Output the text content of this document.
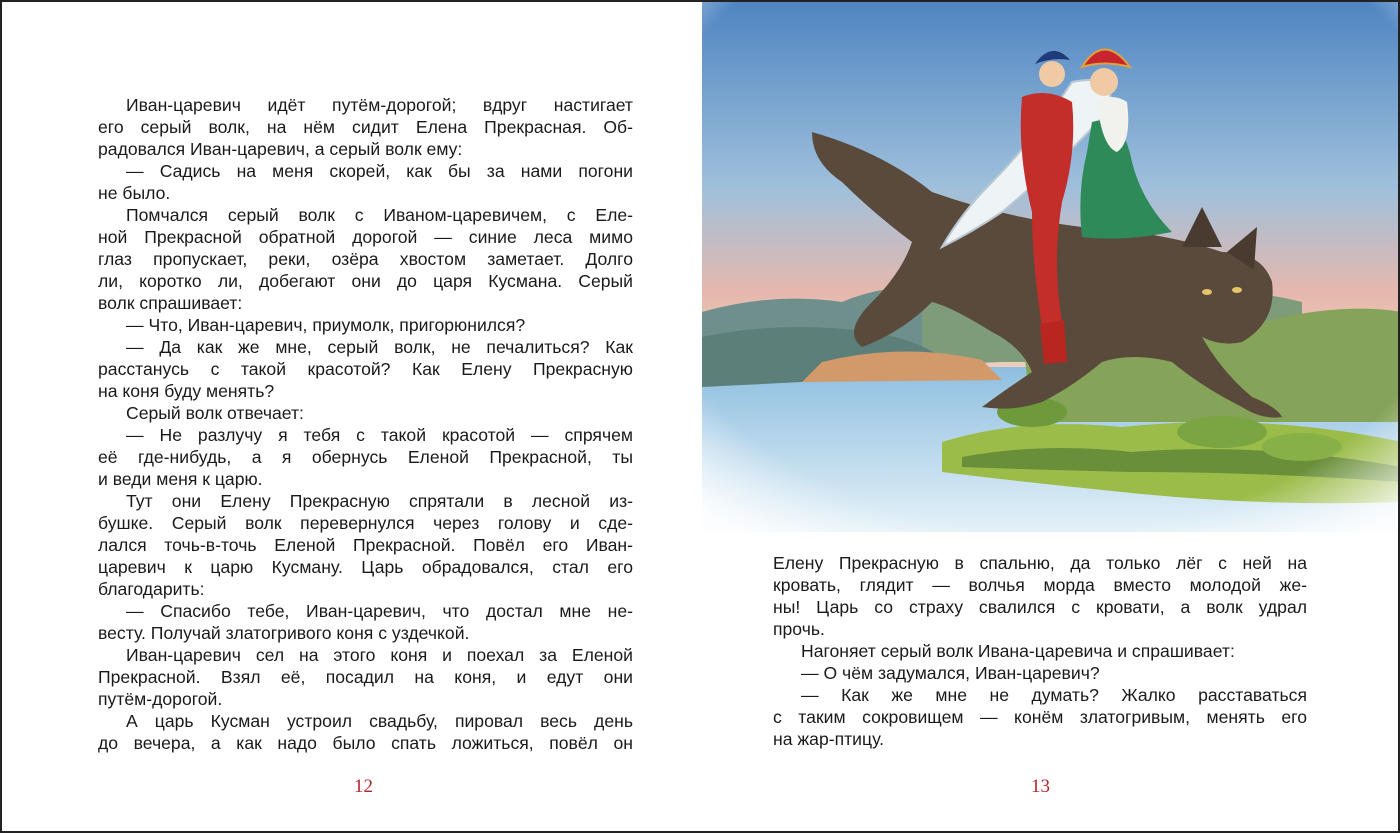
Иван-царевич идёт путём-дорогой; вдруг настигает

его серый волк, на нём сидит Елена Прекрасная. Об-

радовался Иван-царевич, а серый волк ему:

— Садись на меня скорей, как бы за нами погони

не было.

Помчался серый волк с Иваном-царевичем, с Еле-

ной Прекрасной обратной дорогой — синие леса мимо

глаз пропускает, реки, озёра хвостом заметает. Долго

ли, коротко ли, добегают они до царя Кусмана. Серый

волк спрашивает:

— Что, Иван-царевич, приумолк, пригорюнился?

— Да как же мне, серый волк, не печалиться? Как

расстанусь с такой красотой? Как Елену Прекрасную

на коня буду менять?

Серый волк отвечает:

— Не разлучу я тебя с такой красотой — спрячем

её где-нибудь, а я обернусь Еленой Прекрасной, ты

и веди меня к царю.

Тут они Елену Прекрасную спрятали в лесной из-

бушке. Серый волк перевернулся через голову и сде-

лался точь-в-точь Еленой Прекрасной. Повёл его Иван-

царевич к царю Кусману. Царь обрадовался, стал его

благодарить:

— Спасибо тебе, Иван-царевич, что достал мне не-

весту. Получай златогривого коня с уздечкой.

Иван-царевич сел на этого коня и поехал за Еленой

Прекрасной. Взял её, посадил на коня, и едут они

путём-дорогой.

А царь Кусман устроил свадьбу, пировал весь день

до вечера, а как надо было спать ложиться, повёл он

12

Елену Прекрасную в спальню, да только лёг с ней на

кровать, глядит — волчья морда вместо молодой же-

ны! Царь со страху свалился с кровати, а волк удрал

прочь.

Нагоняет серый волк Ивана-царевича и спрашивает:

— О чём задумался, Иван-царевич?

— Как же мне не думать? Жалко расставаться

с таким сокровищем — конём златогривым, менять его

на жар-птицу.

13
